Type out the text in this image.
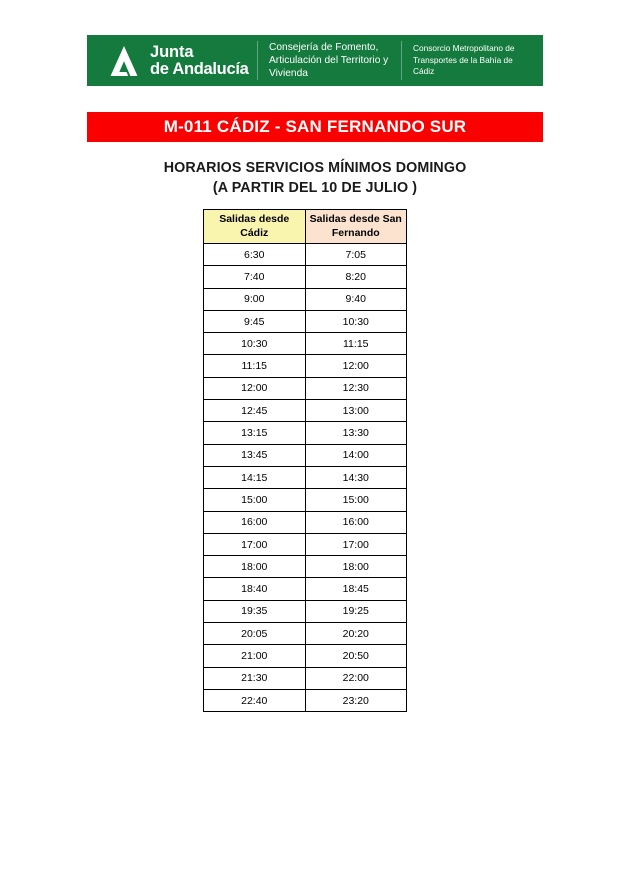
Junta
de Andalucía
Consejería de Fomento, Articulación del Territorio y Vivienda
Consorcio Metropolitano de Transportes de la Bahía de Cádiz
M-011 CÁDIZ - SAN FERNANDO SUR
HORARIOS SERVICIOS MÍNIMOS DOMINGO
(A PARTIR DEL 10 DE JULIO )
Salidas desde Cádiz	Salidas desde San Fernando
6:30	7:05
7:40	8:20
9:00	9:40
9:45	10:30
10:30	11:15
11:15	12:00
12:00	12:30
12:45	13:00
13:15	13:30
13:45	14:00
14:15	14:30
15:00	15:00
16:00	16:00
17:00	17:00
18:00	18:00
18:40	18:45
19:35	19:25
20:05	20:20
21:00	20:50
21:30	22:00
22:40	23:20
